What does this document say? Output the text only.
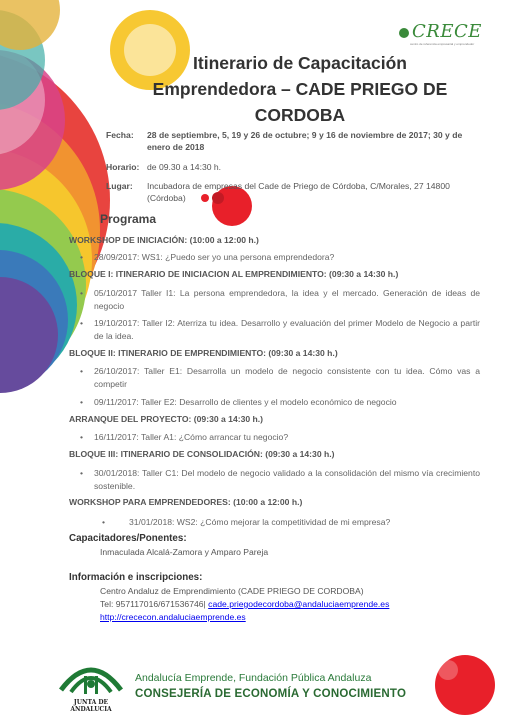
CRECE
centro de referencia empresarial y emprendedor
Itinerario de Capacitación
Emprendedora – CADE PRIEGO DE
CORDOBA
Fecha: 28 de septiembre, 5, 19 y 26 de octubre; 9 y 16 de noviembre de 2017; 30 y de enero de 2018
Horario: de 09.30 a 14:30 h.
Lugar: Incubadora de empresas del Cade de Priego de Córdoba, C/Morales, 27 14800 (Córdoba)
Programa
WORKSHOP DE INICIACIÓN: (10:00 a 12:00 h.)
• 28/09/2017: WS1: ¿Puedo ser yo una persona emprendedora?
BLOQUE I: ITINERARIO DE INICIACION AL EMPRENDIMIENTO: (09:30 a 14:30 h.)
• 05/10/2017 Taller I1: La persona emprendedora, la idea y el mercado. Generación de ideas de negocio
• 19/10/2017: Taller I2: Aterriza tu idea. Desarrollo y evaluación del primer Modelo de Negocio a partir de la idea.
BLOQUE II: ITINERARIO DE EMPRENDIMIENTO: (09:30 a 14:30 h.)
• 26/10/2017: Taller E1: Desarrolla un modelo de negocio consistente con tu idea. Cómo vas a competir
• 09/11/2017: Taller E2: Desarrollo de clientes y el modelo económico de negocio
ARRANQUE DEL PROYECTO: (09:30 a 14:30 h.)
• 16/11/2017: Taller A1: ¿Cómo arrancar tu negocio?
BLOQUE III: ITINERARIO DE CONSOLIDACIÓN: (09:30 a 14:30 h.)
• 30/01/2018: Taller C1: Del modelo de negocio validado a la consolidación del mismo vía crecimiento sostenible.
WORKSHOP PARA EMPRENDEDORES: (10:00 a 12:00 h.)
•	31/01/2018: WS2: ¿Cómo mejorar la competitividad de mi empresa?
Capacitadores/Ponentes:
Inmaculada Alcalá-Zamora y Amparo Pareja
Información e inscripciones:
Centro Andaluz de Emprendimiento (CADE PRIEGO DE CORDOBA)
Tel: 957117016/671536746| cade.priegodecordoba@andaluciaemprende.es
http://crececon.andaluciaemprende.es
JUNTA DE ANDALUCIA
Andalucía Emprende, Fundación Pública Andaluza
CONSEJERÍA DE ECONOMÍA Y CONOCIMIENTO
